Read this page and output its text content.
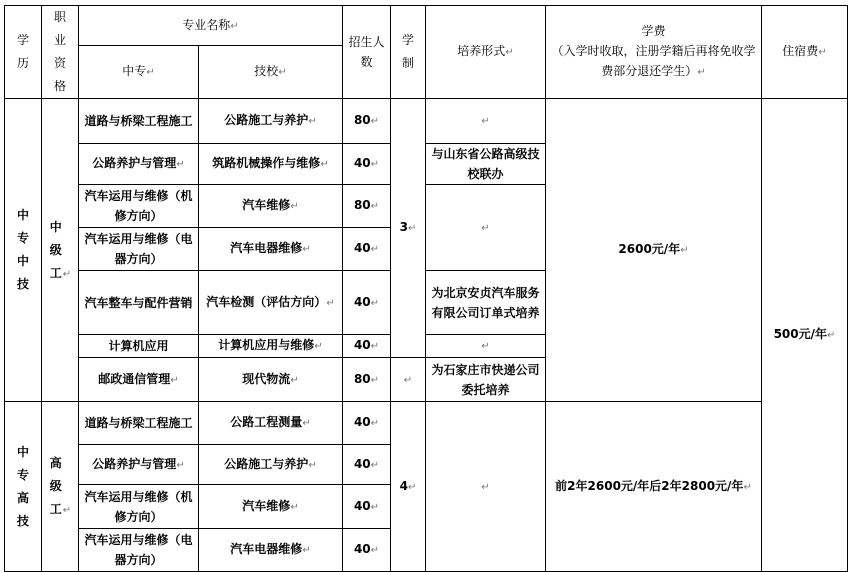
学历	职业资格	专业名称↵		招生人数	学制	培养形式↵	学费
（入学时收取，注册学籍后再将免收学费部分退还学生）↵	住宿费↵
		中专↵	技校↵					
中专中技	中级工↵	道路与桥梁工程施工	公路施工与养护↵	80↵	3↵	↵	2600元/年↵	500元/年↵
		公路养护与管理↵	筑路机械操作与维修↵	40↵		与山东省公路高级技校联办		
		汽车运用与维修（机修方向）	汽车维修↵	80↵		↵		
		汽车运用与维修（电器方向）	汽车电器维修↵	40↵				
		汽车整车与配件营销	汽车检测（评估方向）↵	40↵		为北京安贞汽车服务有限公司订单式培养		
		计算机应用	计算机应用与维修↵	40↵		↵		
		邮政通信管理↵	现代物流↵	80↵	↵	为石家庄市快递公司委托培养		
中专高技	高级工↵	道路与桥梁工程施工	公路工程测量↵	40↵	4↵	↵	前2年2600元/年后2年2800元/年↵	
		公路养护与管理↵	公路施工与养护↵	40↵				
		汽车运用与维修（机修方向）	汽车维修↵	40↵				
		汽车运用与维修（电器方向）	汽车电器维修↵	40↵				
